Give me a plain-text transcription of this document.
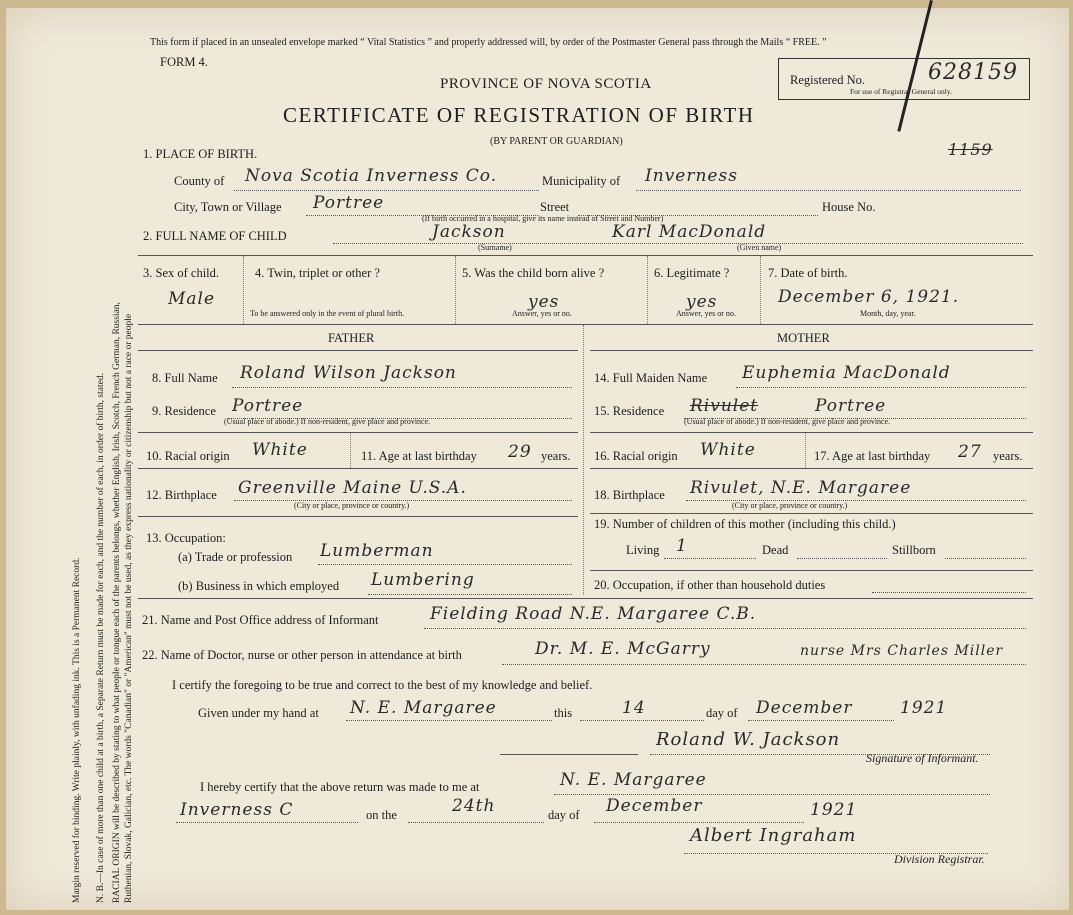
Margin reserved for binding. Write plainly, with unfading ink. This is a Permanent Record. N. B.—In case of more than one child at a birth, a Separate Return must be made for each, and the number of each, in order of birth, stated. RACIAL ORIGIN will be described by stating to what people or tongue each of the parents belongs, whether English, Irish, Scotch, French German, Russian, Ruthenian, Slovak, Galician, etc. The words "Canadian" or "American" must not be used, as they express nationality or citizenship but not a race or people
This form if placed in an unsealed envelope marked “ Vital Statistics ” and properly addressed will, by order of the Postmaster General pass through the Mails “ FREE. ”
FORM 4.
PROVINCE OF NOVA SCOTIA
CERTIFICATE OF REGISTRATION OF BIRTH
(BY PARENT OR GUARDIAN)
Registered No.	628159
For use of Registrar General only.
1159
1. PLACE OF BIRTH.
County of Nova Scotia Inverness Co.	Municipality of Inverness
City, Town or Village Portree	Street	House No.
(If birth occurred in a hospital, give its name instead of Street and Number)
2. FULL NAME OF CHILD	Jackson
(Surname)
Karl MacDonald
(Given name)
3. Sex of child.
Male
4. Twin, triplet or other ?
To be answered only in the event of plural birth.
5. Was the child born alive ?
yes
Answer, yes or no.
6. Legitimate ?
yes
Answer, yes or no.
7. Date of birth.
December 6, 1921.
Month, day, year.
FATHER
8. Full Name Roland Wilson Jackson
9. Residence Portree
(Usual place of abode.) If non-resident, give place and province.
10. Racial origin White	11. Age at last birthday 29 years.
12. Birthplace Greenville Maine U.S.A.
(City or place, province or country.)
13. Occupation:
(a) Trade or profession Lumberman
(b) Business in which employed Lumbering
MOTHER
14. Full Maiden Name Euphemia MacDonald
15. Residence Rivulet	Portree
(Usual place of abode.) If non-resident, give place and province.
16. Racial origin White	17. Age at last birthday 27 years.
18. Birthplace Rivulet, N.E. Margaree
(City or place, province or country.)
19. Number of children of this mother (including this child.)
Living 1	Dead	Stillborn
20. Occupation, if other than household duties
21. Name and Post Office address of Informant	Fielding Road N.E. Margaree C.B.
22. Name of Doctor, nurse or other person in attendance at birth	Dr. M. E. McGarry	nurse Mrs Charles Miller
I certify the foregoing to be true and correct to the best of my knowledge and belief.
Given under my hand at N. E. Margaree	this	14	day of December	1921
Roland W. Jackson
Signature of Informant.
I hereby certify that the above return was made to me at	N. E. Margaree
Inverness C	on the	24th	day of December	1921
Albert Ingraham
Division Registrar.
